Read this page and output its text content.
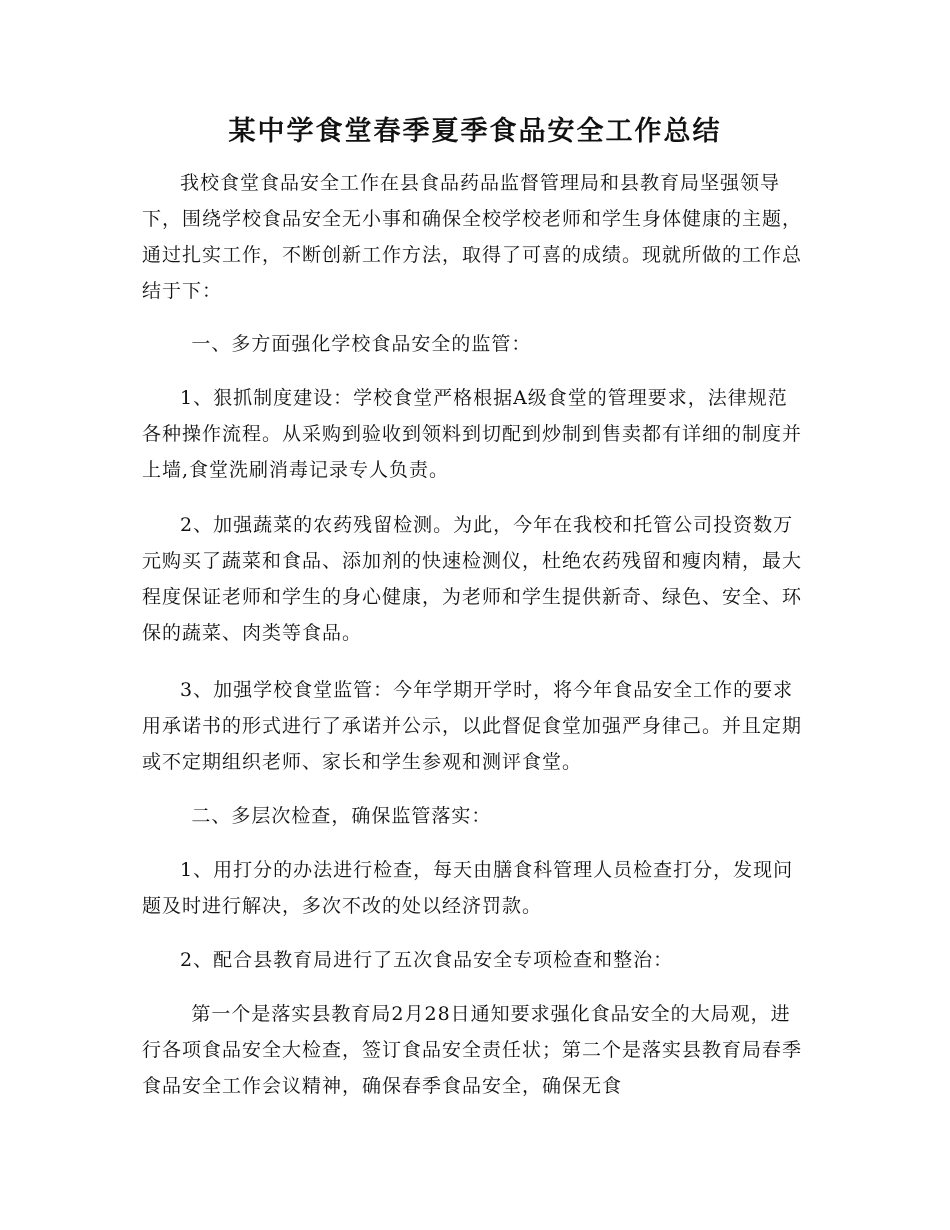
某中学食堂春季夏季食品安全工作总结

我校食堂食品安全工作在县食品药品监督管理局和县教育局坚强领导下，围绕学校食品安全无小事和确保全校学校老师和学生身体健康的主题，通过扎实工作，不断创新工作方法，取得了可喜的成绩。现就所做的工作总结于下：

一、多方面强化学校食品安全的监管：

1、狠抓制度建设：学校食堂严格根据A级食堂的管理要求，法律规范各种操作流程。从采购到验收到领料到切配到炒制到售卖都有详细的制度并上墙,食堂洗刷消毒记录专人负责。

2、加强蔬菜的农药残留检测。为此，今年在我校和托管公司投资数万元购买了蔬菜和食品、添加剂的快速检测仪，杜绝农药残留和瘦肉精，最大程度保证老师和学生的身心健康，为老师和学生提供新奇、绿色、安全、环保的蔬菜、肉类等食品。

3、加强学校食堂监管：今年学期开学时，将今年食品安全工作的要求用承诺书的形式进行了承诺并公示，以此督促食堂加强严身律己。并且定期或不定期组织老师、家长和学生参观和测评食堂。

二、多层次检查，确保监管落实：

1、用打分的办法进行检查，每天由膳食科管理人员检查打分，发现问题及时进行解决，多次不改的处以经济罚款。

2、配合县教育局进行了五次食品安全专项检查和整治：

第一个是落实县教育局2月28日通知要求强化食品安全的大局观，进行各项食品安全大检查，签订食品安全责任状；第二个是落实县教育局春季食品安全工作会议精神，确保春季食品安全，确保无食
